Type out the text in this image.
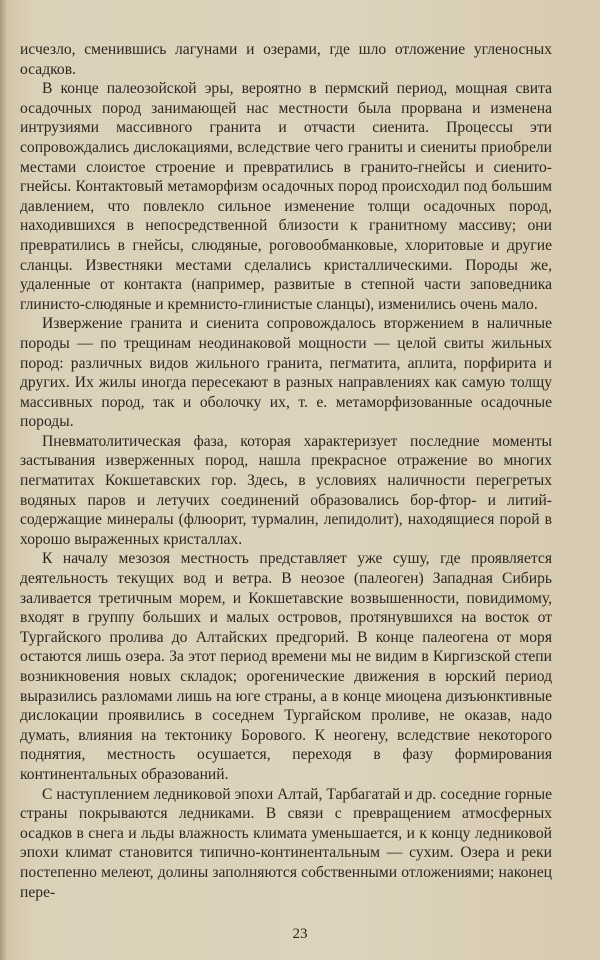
исчезло, сменившись лагунами и озерами, где шло отложение угленосных осадков.

В конце палеозойской эры, вероятно в пермский период, мощная свита осадочных пород занимающей нас местности была прорвана и изменена интрузиями массивного гранита и отчасти сиенита. Процессы эти сопровождались дислокациями, вследствие чего граниты и сиениты приобрели местами слоистое строение и превратились в гранито-гнейсы и сиенито-гнейсы. Контактовый метаморфизм осадочных пород происходил под большим давлением, что повлекло сильное изменение толщи осадочных пород, находившихся в непосредственной близости к гранитному массиву; они превратились в гнейсы, слюдяные, роговообманковые, хлоритовые и другие сланцы. Известняки местами сделались кристаллическими. Породы же, удаленные от контакта (например, развитые в степной части заповедника глинисто-слюдяные и кремнисто-глинистые сланцы), изменились очень мало.

Извержение гранита и сиенита сопровождалось вторжением в наличные породы — по трещинам неодинаковой мощности — целой свиты жильных пород: различных видов жильного гранита, пегматита, аплита, порфирита и других. Их жилы иногда пересекают в разных направлениях как самую толщу массивных пород, так и оболочку их, т. е. метаморфизованные осадочные породы.

Пневматолитическая фаза, которая характеризует последние моменты застывания изверженных пород, нашла прекрасное отражение во многих пегматитах Кокшетавских гор. Здесь, в условиях наличности перегретых водяных паров и летучих соединений образовались бор-фтор- и литий-содержащие минералы (флюорит, турмалин, лепидолит), находящиеся порой в хорошо выраженных кристаллах.

К началу мезозоя местность представляет уже сушу, где проявляется деятельность текущих вод и ветра. В неозое (палеоген) Западная Сибирь заливается третичным морем, и Кокшетавские возвышенности, повидимому, входят в группу больших и малых островов, протянувшихся на восток от Тургайского пролива до Алтайских предгорий. В конце палеогена от моря остаются лишь озера. За этот период времени мы не видим в Киргизской степи возникновения новых складок; орогенические движения в юрский период выразились разломами лишь на юге страны, а в конце миоцена дизъюнктивные дислокации проявились в соседнем Тургайском проливе, не оказав, надо думать, влияния на тектонику Борового. К неогену, вследствие некоторого поднятия, местность осушается, переходя в фазу формирования континентальных образований.

С наступлением ледниковой эпохи Алтай, Тарбагатай и др. соседние горные страны покрываются ледниками. В связи с превращением атмосферных осадков в снега и льды влажность климата уменьшается, и к концу ледниковой эпохи климат становится типично-континентальным — сухим. Озера и реки постепенно мелеют, долины заполняются собственными отложениями; наконец пере-

23
